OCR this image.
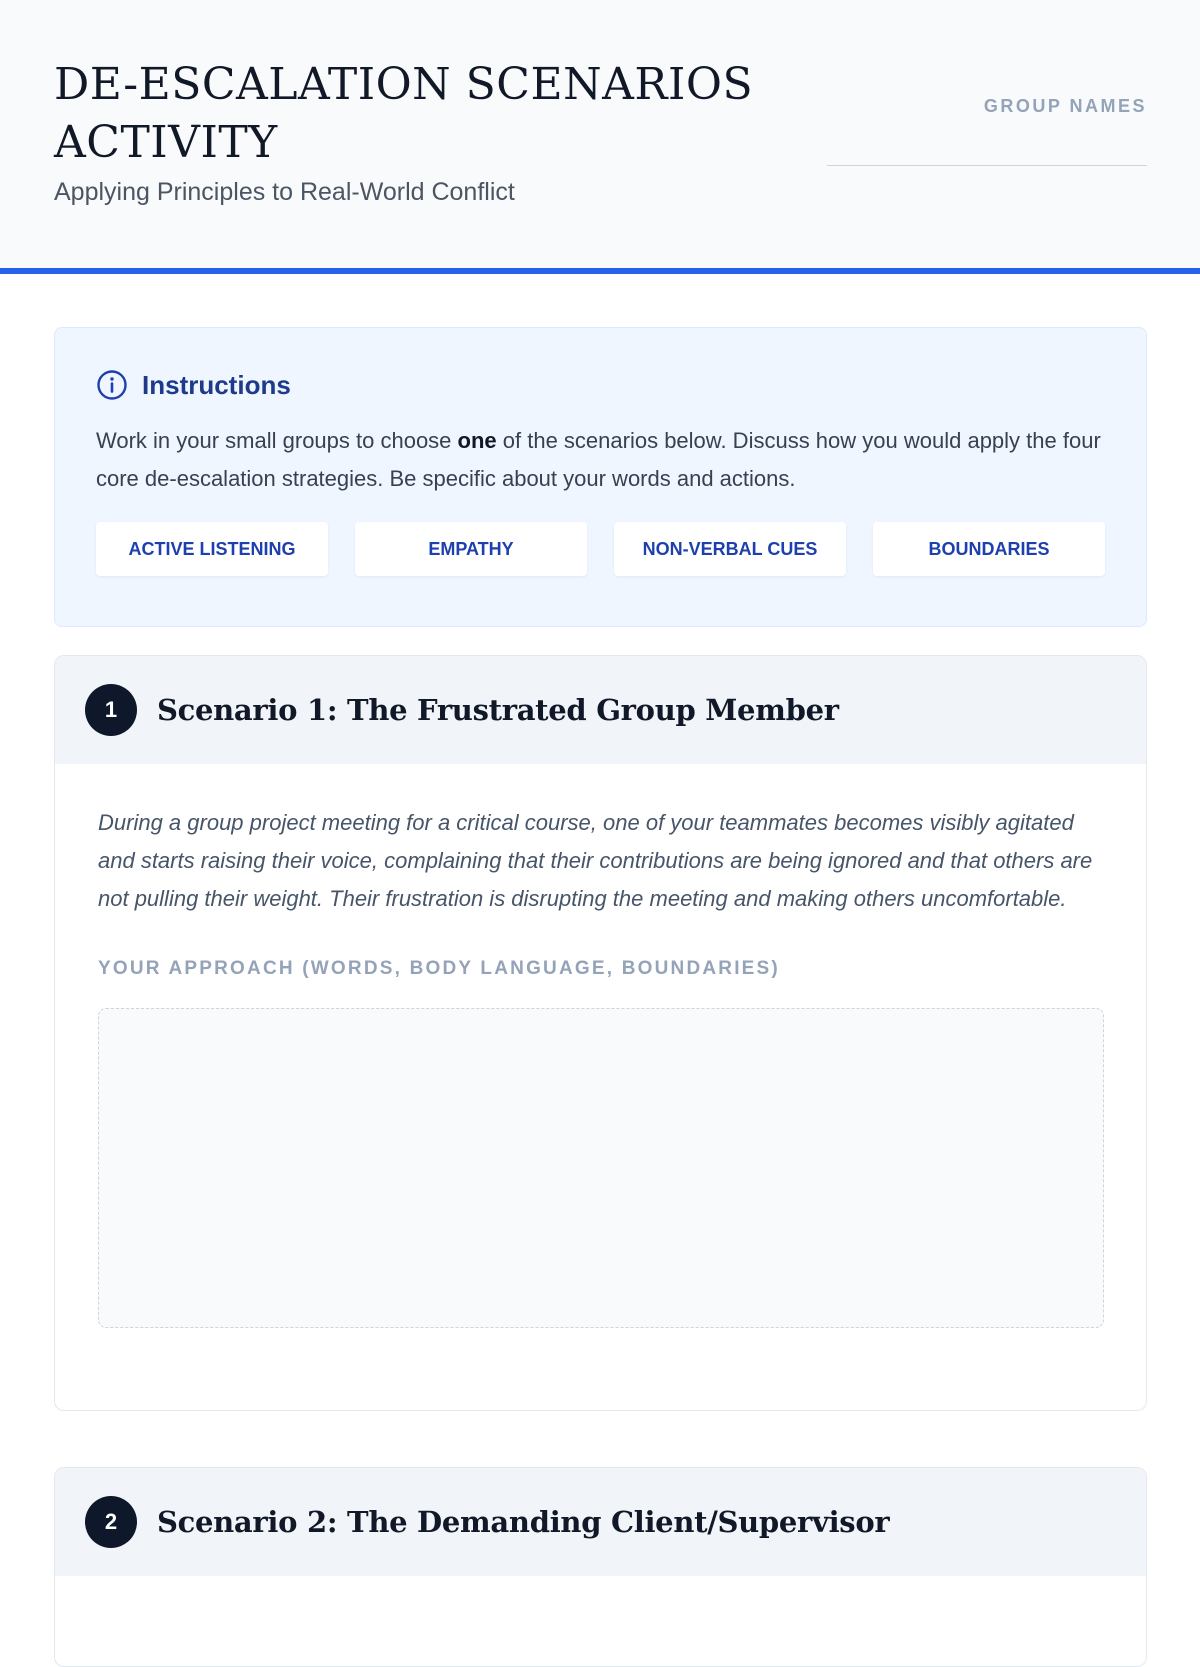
DE-ESCALATION SCENARIOS ACTIVITY
Applying Principles to Real-World Conflict
GROUP NAMES
Instructions

Work in your small groups to choose one of the scenarios below. Discuss how you would apply the four core de-escalation strategies. Be specific about your words and actions.

ACTIVE LISTENING	EMPATHY	NON-VERBAL CUES	BOUNDARIES
1	Scenario 1: The Frustrated Group Member

During a group project meeting for a critical course, one of your teammates becomes visibly agitated and starts raising their voice, complaining that their contributions are being ignored and that others are not pulling their weight. Their frustration is disrupting the meeting and making others uncomfortable.

YOUR APPROACH (WORDS, BODY LANGUAGE, BOUNDARIES)
2	Scenario 2: The Demanding Client/Supervisor
